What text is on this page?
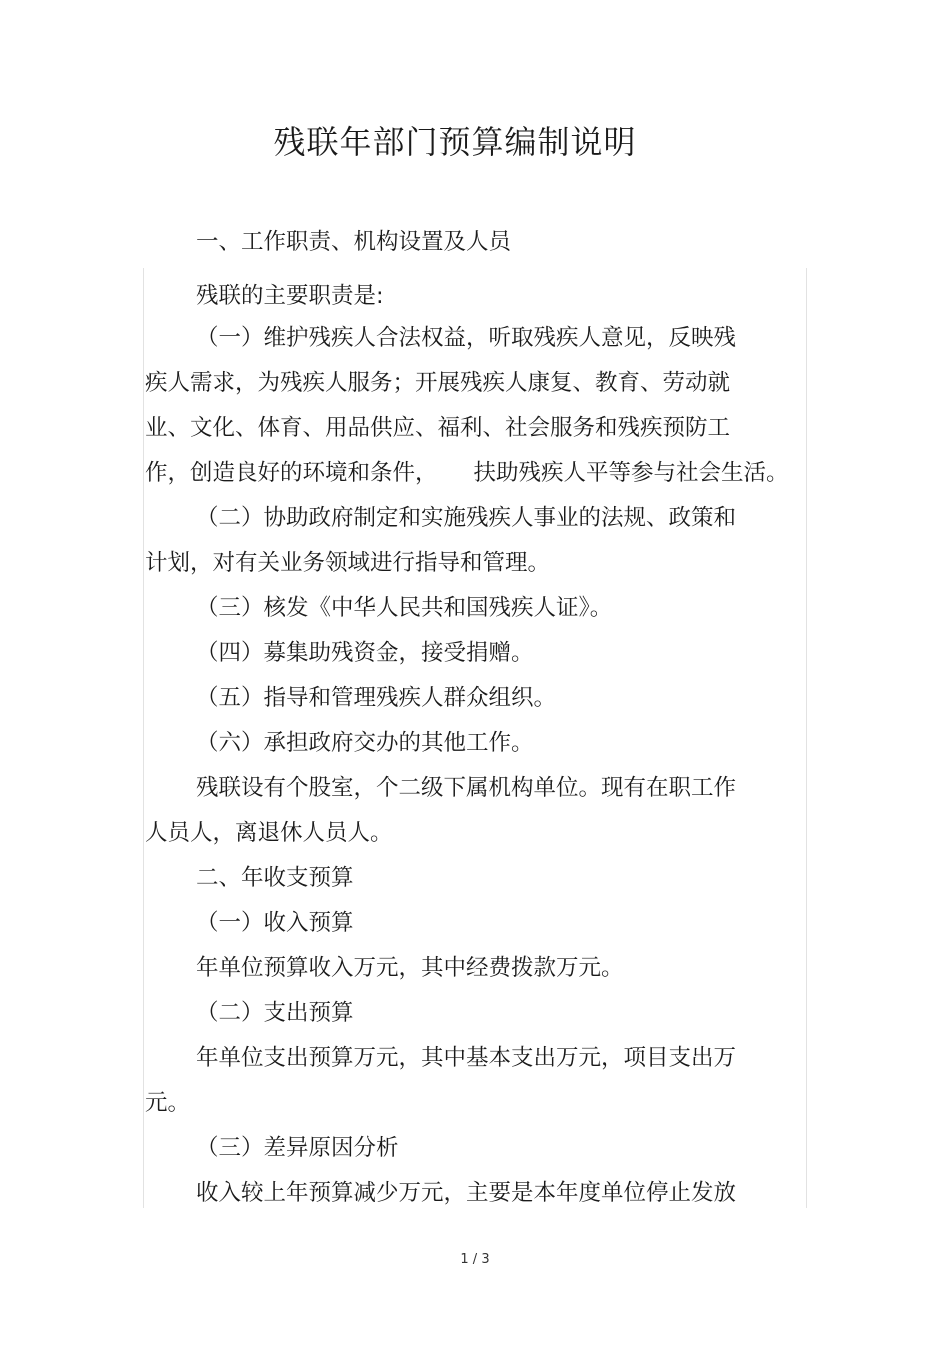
残联年部门预算编制说明
一、工作职责、机构设置及人员
残联的主要职责是:
（一）维护残疾人合法权益，听取残疾人意见，反映残
疾人需求，为残疾人服务；开展残疾人康复、教育、劳动就
业、文化、体育、用品供应、福利、社会服务和残疾预防工
作，创造良好的环境和条件， 扶助残疾人平等参与社会生活。
（二）协助政府制定和实施残疾人事业的法规、政策和
计划，对有关业务领域进行指导和管理。
（三）核发《中华人民共和国残疾人证》。
（四）募集助残资金，接受捐赠。
（五）指导和管理残疾人群众组织。
（六）承担政府交办的其他工作。
残联设有个股室，个二级下属机构单位。现有在职工作
人员人，离退休人员人。
二、年收支预算
（一）收入预算
年单位预算收入万元，其中经费拨款万元。
（二）支出预算
年单位支出预算万元，其中基本支出万元，项目支出万
元。
（三）差异原因分析
收入较上年预算减少万元，主要是本年度单位停止发放
1 / 3
